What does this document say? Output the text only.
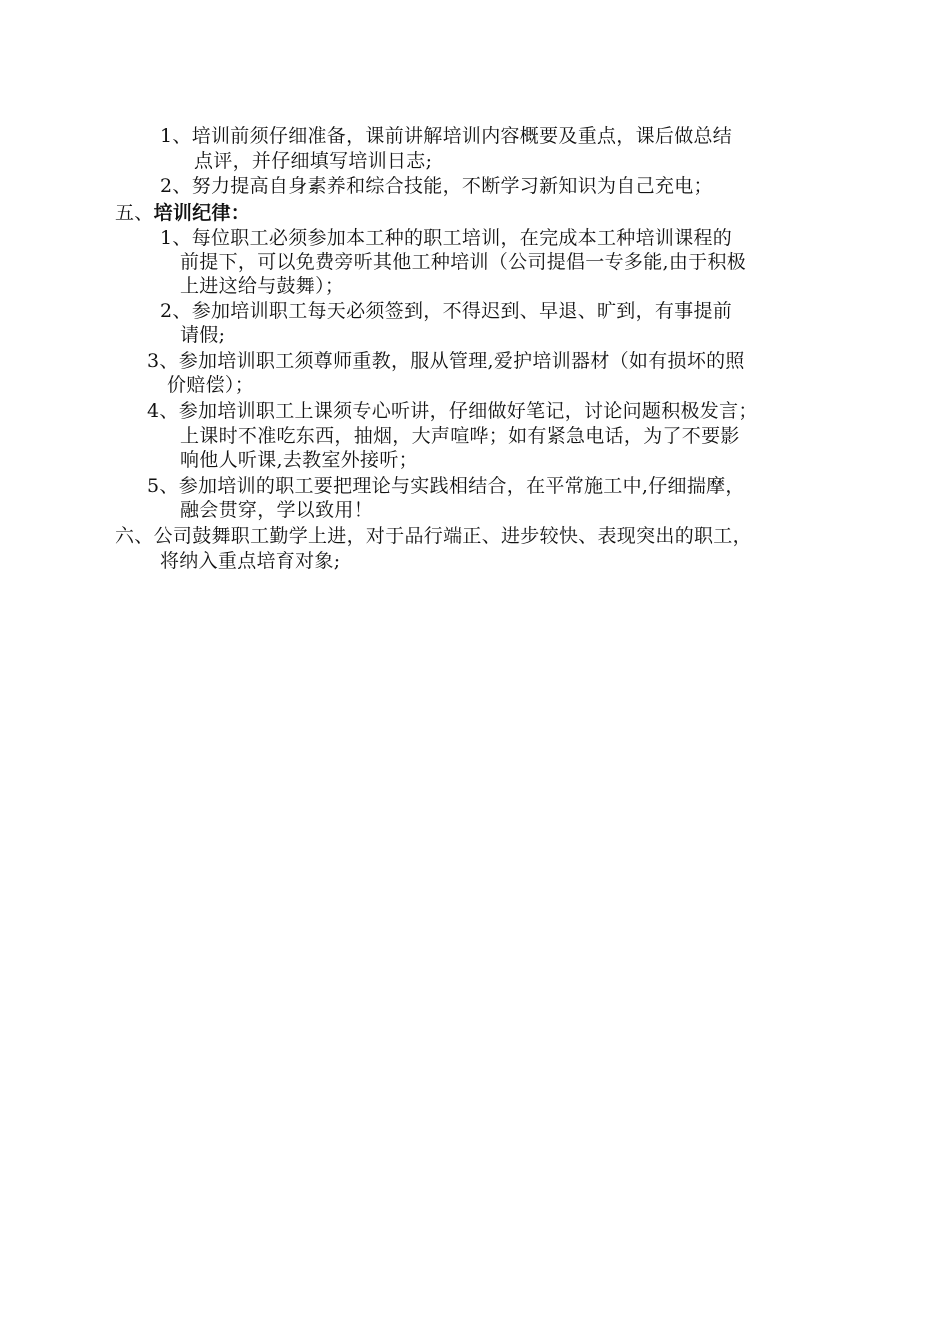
1、培训前须仔细准备，课前讲解培训内容概要及重点，课后做总结
点评，并仔细填写培训日志;
2、努力提高自身素养和综合技能，不断学习新知识为自己充电；
五、培训纪律：
1、每位职工必须参加本工种的职工培训，在完成本工种培训课程的
前提下，可以免费旁听其他工种培训（公司提倡一专多能,由于积极
上进这给与鼓舞）；
2、参加培训职工每天必须签到，不得迟到、早退、旷到，有事提前
请假;
3、参加培训职工须尊师重教，服从管理,爱护培训器材（如有损坏的照
价赔偿）；
4、参加培训职工上课须专心听讲，仔细做好笔记，讨论问题积极发言；
上课时不准吃东西，抽烟，大声喧哗；如有紧急电话，为了不要影
响他人听课,去教室外接听；
5、参加培训的职工要把理论与实践相结合，在平常施工中,仔细揣摩，
融会贯穿，学以致用！
六、公司鼓舞职工勤学上进，对于品行端正、进步较快、表现突出的职工，
将纳入重点培育对象;
